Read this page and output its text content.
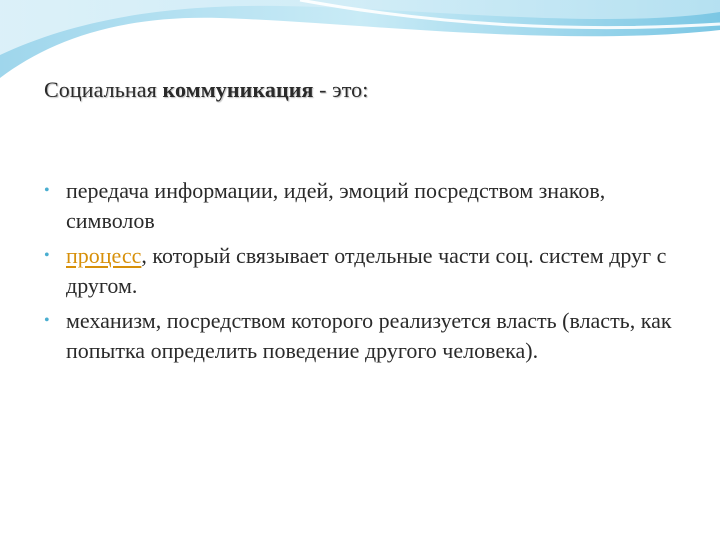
Социальная коммуникация - это:
• передача информации, идей, эмоций посредством знаков, символов
• процесс, который связывает отдельные части соц. систем друг с другом.
• механизм, посредством которого реализуется власть (власть, как попытка определить поведение другого человека).
